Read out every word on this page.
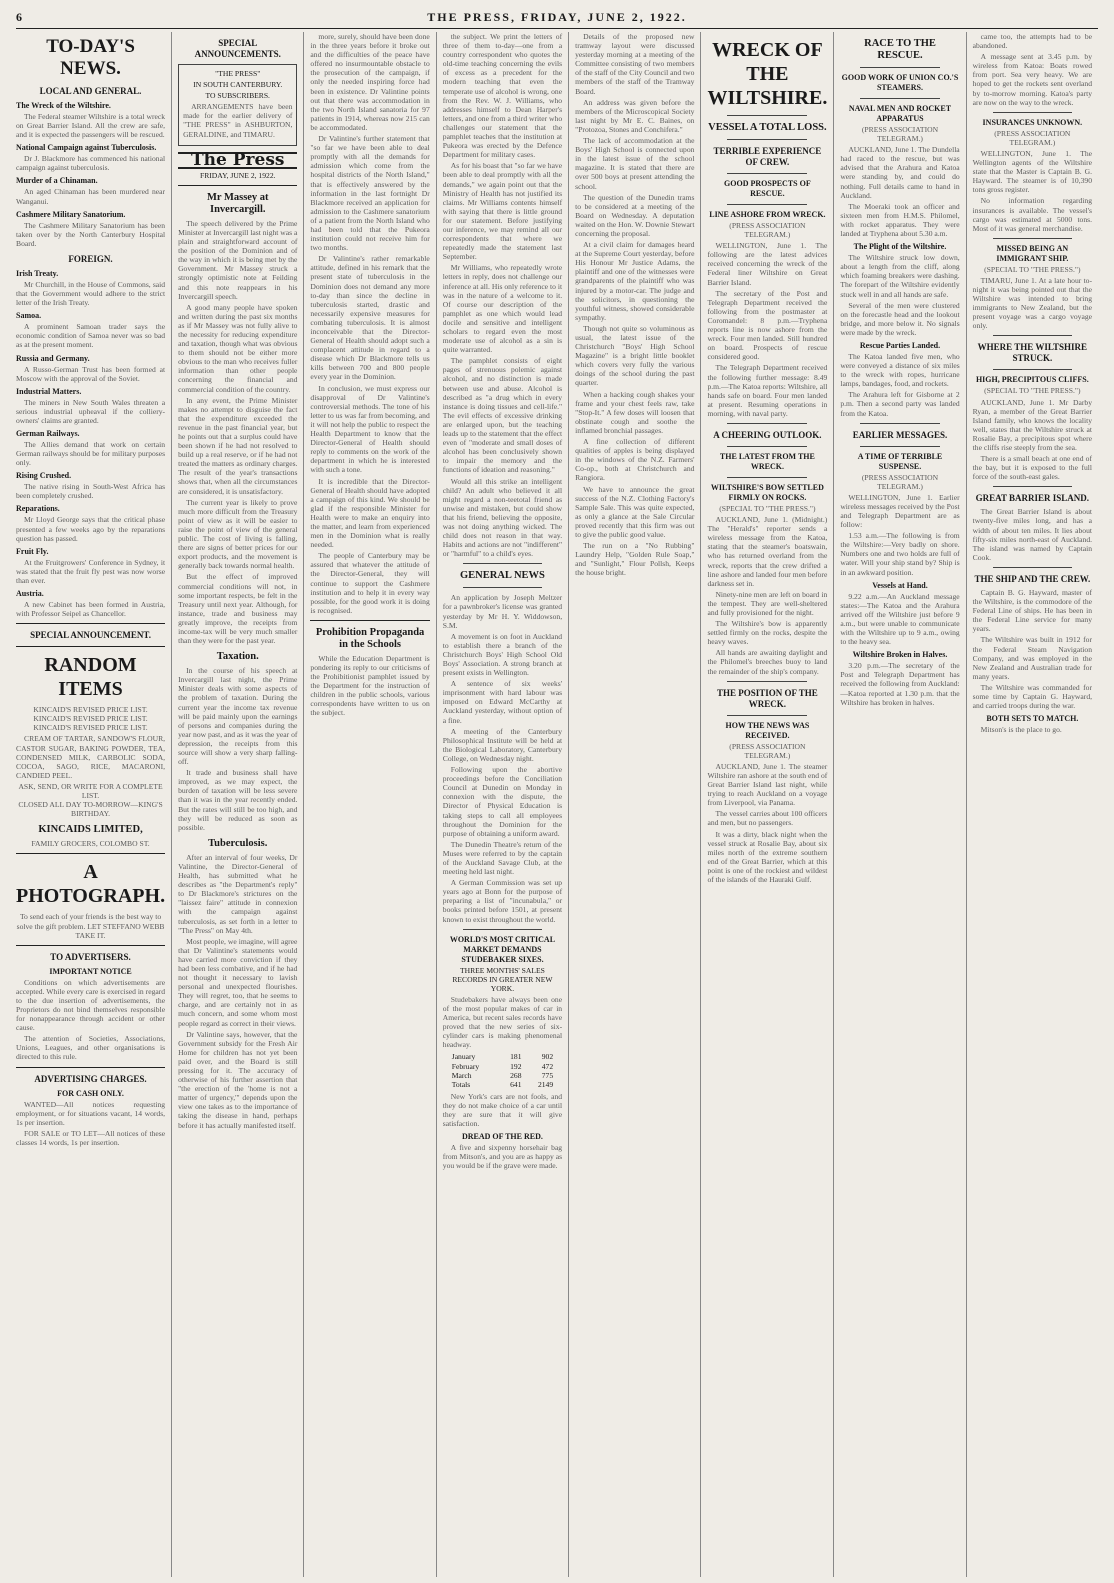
6	THE PRESS, FRIDAY, JUNE 2, 1922.
TO-DAY'S NEWS.
LOCAL AND GENERAL.
The Wreck of the Wiltshire.

The Federal steamer Wiltshire is a total wreck on Great Barrier Island. All the crew are safe, and it is expected the passengers will be rescued.

National Campaign against Tuberculosis.

Dr J. Blackmore has commenced his national campaign against tuberculosis.

Murder of a Chinaman.

An aged Chinaman has been murdered near Wanganui.

Cashmere Military Sanatorium.

The Cashmere Military Sanatorium has been taken over by the North Canterbury Hospital Board.

FOREIGN.
Irish Treaty.

Mr Churchill, in the House of Commons, said that the Government would adhere to the strict letter of the Irish Treaty.

Samoa.

A prominent Samoan trader says the economic condition of Samoa never was so bad as at the present moment.

Russia and Germany.

A Russo-German Trust has been formed at Moscow with the approval of the Soviet.

Industrial Matters.

The miners in New South Wales threaten a serious industrial upheaval if the colliery-owners' claims are granted.

German Railways.

The Allies demand that work on certain German railways should be for military purposes only.

Rising Crushed.

The native rising in South-West Africa has been completely crushed.

Reparations.

Mr Lloyd George says that the critical phase presented a few weeks ago by the reparations question has passed.

Fruit Fly.

At the Fruitgrowers' Conference in Sydney, it was stated that the fruit fly pest was now worse than ever.

Austria.

A new Cabinet has been formed in Austria, with Professor Seipel as Chancellor.

SPECIAL ANNOUNCEMENT.
RANDOM ITEMS

KINCAID'S REVISED PRICE LIST.
KINCAID'S REVISED PRICE LIST.
KINCAID'S REVISED PRICE LIST.

CREAM OF TARTAR, SANDOW'S FLOUR, CASTOR SUGAR, BAKING POWDER, TEA, CONDENSED MILK, CARBOLIC SODA, COCOA, SAGO, RICE, MACARONI, CANDIED PEEL.

ASK, SEND, OR WRITE FOR A COMPLETE LIST.
CLOSED ALL DAY TO-MORROW—KING'S BIRTHDAY.

KINCAIDS LIMITED,

FAMILY GROCERS, COLOMBO ST.

A PHOTOGRAPH.

To send each of your friends is the best way to solve the gift problem. LET STEFFANO WEBB TAKE IT.

TO ADVERTISERS.
IMPORTANT NOTICE

Conditions on which advertisements are accepted. While every care is exercised in regard to the due insertion of advertisements, the Proprietors do not bind themselves responsible for nonappearance through accident or other cause.

The attention of Societies, Associations, Unions, Leagues, and other organisations is directed to this rule.

ADVERTISING CHARGES.
FOR CASH ONLY.

WANTED—All notices requesting employment, or for situations vacant, 14 words, 1s per insertion.

FOR SALE or TO LET—All notices of these classes 14 words, 1s per insertion.

SPECIAL ANNOUNCEMENTS.

"THE PRESS"

IN SOUTH CANTERBURY.

TO SUBSCRIBERS.

ARRANGEMENTS have been made for the earlier delivery of "THE PRESS" in ASHBURTON, GERALDINE, and TIMARU.

The Press

FRIDAY, JUNE 2, 1922.

Mr Massey at Invercargill.

The speech delivered by the Prime Minister at Invercargill last night was a plain and straightforward account of the position of the Dominion and of the way in which it is being met by the Government. Mr Massey struck a strongly optimistic note at Feilding and this note reappears in his Invercargill speech.

A good many people have spoken and written during the past six months as if Mr Massey was not fully alive to the necessity for reducing expenditure and taxation, though what was obvious to them should not be either more obvious to the man who receives fuller information than other people concerning the financial and commercial condition of the country.

In any event, the Prime Minister makes no attempt to disguise the fact that the expenditure exceeded the revenue in the past financial year, but he points out that a surplus could have been shown if he had not resolved to build up a real reserve, or if he had not treated the matters as ordinary charges. The result of the year's transactions shows that, when all the circumstances are considered, it is unsatisfactory.

The current year is likely to prove much more difficult from the Treasury point of view as it will be easier to raise the point of view of the general public. The cost of living is falling, there are signs of better prices for our export products, and the movement is generally back towards normal health.

But the effect of improved commercial conditions will not, in some important respects, be felt in the Treasury until next year. Although, for instance, trade and business may greatly improve, the receipts from income-tax will be very much smaller than they were for the past year.

Taxation.

In the course of his speech at Invercargill last night, the Prime Minister deals with some aspects of the problem of taxation. During the current year the income tax revenue will be paid mainly upon the earnings of persons and companies during the year now past, and as it was the year of depression, the receipts from this source will show a very sharp falling-off.

It trade and business shall have improved, as we may expect, the burden of taxation will be less severe than it was in the year recently ended. But the rates will still be too high, and they will be reduced as soon as possible.

Tuberculosis.

After an interval of four weeks, Dr Valintine, the Director-General of Health, has submitted what he describes as "the Department's reply" to Dr Blackmore's strictures on the "laissez faire" attitude in connexion with the campaign against tuberculosis, as set forth in a letter to "The Press" on May 4th.

Most people, we imagine, will agree that Dr Valintine's statements would have carried more conviction if they had been less combative, and if he had not thought it necessary to lavish personal and unexpected flourishes. They will regret, too, that he seems to charge, and are certainly not in as much concern, and some whom most people regard as correct in their views.

Dr Valintine says, however, that the Government subsidy for the Fresh Air Home for children has not yet been paid over, and the Board is still pressing for it. The accuracy of otherwise of his further assertion that "the erection of the 'home is not a matter of urgency,'" depends upon the view one takes as to the importance of taking the disease in hand, perhaps before it has actually manifested itself.

more, surely, should have been done in the three years before it broke out and the difficulties of the peace have offered no insurmountable obstacle to the prosecution of the campaign, if only the needed inspiring force had been in existence. Dr Valintine points out that there was accommodation in the two North Island sanatoria for 97 patients in 1914, whereas now 215 can be accommodated.

Dr Valintine's further statement that "so far we have been able to deal promptly with all the demands for admission which come from the hospital districts of the North Island," that is effectively answered by the information in the last fortnight Dr Blackmore received an application for admission to the Cashmere sanatorium of a patient from the North Island who had been told that the Pukeora institution could not receive him for two months.

Dr Valintine's rather remarkable attitude, defined in his remark that the present state of tuberculosis in the Dominion does not demand any more to-day than since the decline in tuberculosis started, drastic and necessarily expensive measures for combating tuberculosis. It is almost inconceivable that the Director-General of Health should adopt such a complacent attitude in regard to a disease which Dr Blackmore tells us kills between 700 and 800 people every year in the Dominion.

In conclusion, we must express our disapproval of Dr Valintine's controversial methods. The tone of his letter to us was far from becoming, and it will not help the public to respect the Health Department to know that the Director-General of Health should reply to comments on the work of the department in which he is interested with such a tone.

It is incredible that the Director-General of Health should have adopted a campaign of this kind. We should be glad if the responsible Minister for Health were to make an enquiry into the matter, and learn from experienced men in the Dominion what is really needed.

The people of Canterbury may be assured that whatever the attitude of the Director-General, they will continue to support the Cashmere institution and to help it in every way possible, for the good work it is doing is recognised.

Prohibition Propaganda in the Schools

While the Education Department is pondering its reply to our criticisms of the Prohibitionist pamphlet issued by the Department for the instruction of children in the public schools, various correspondents have written to us on the subject.

the subject. We print the letters of three of them to-day—one from a country correspondent who quotes the old-time teaching concerning the evils of excess as a precedent for the modern teaching that even the temperate use of alcohol is wrong, one from the Rev. W. J. Williams, who addresses himself to Dean Harper's letters, and one from a third writer who challenges our statement that the pamphlet teaches that the institution at Pukeora was erected by the Defence Department for military cases.

As for his boast that "so far we have been able to deal promptly with all the demands," we again point out that the Ministry of Health has not justified its claims. Mr Williams contents himself with saying that there is little ground for our statement. Before justifying our inference, we may remind all our correspondents that where we repeatedly made the statement last September.

Mr Williams, who repeatedly wrote letters in reply, does not challenge our inference at all. His only reference to it was in the nature of a welcome to it. Of course our description of the pamphlet as one which would lead docile and sensitive and intelligent scholars to regard even the most moderate use of alcohol as a sin is quite warranted.

The pamphlet consists of eight pages of strenuous polemic against alcohol, and no distinction is made between use and abuse. Alcohol is described as "a drug which in every instance is doing tissues and cell-life." The evil effects of excessive drinking are enlarged upon, but the teaching leads up to the statement that the effect even of "moderate and small doses of alcohol has been conclusively shown to impair the memory and the functions of ideation and reasoning."

Would all this strike an intelligent child? An adult who believed it all might regard a non-teetotal friend as unwise and mistaken, but could show that his friend, believing the opposite, was not doing anything wicked. The child does not reason in that way. Habits and actions are not "indifferent" or "harmful" to a child's eyes.

GENERAL NEWS

An application by Joseph Meltzer for a pawnbroker's license was granted yesterday by Mr H. Y. Widdowson, S.M.

A movement is on foot in Auckland to establish there a branch of the Christchurch Boys' High School Old Boys' Association. A strong branch at present exists in Wellington.

A sentence of six weeks' imprisonment with hard labour was imposed on Edward McCarthy at Auckland yesterday, without option of a fine.

A meeting of the Canterbury Philosophical Institute will be held at the Biological Laboratory, Canterbury College, on Wednesday night.

Following upon the abortive proceedings before the Conciliation Council at Dunedin on Monday in connexion with the dispute, the Director of Physical Education is taking steps to call all employees throughout the Dominion for the purpose of obtaining a uniform award.

The Dunedin Theatre's return of the Muses were referred to by the captain of the Auckland Savage Club, at the meeting held last night.

A German Commission was set up years ago at Bonn for the purpose of preparing a list of "incunabula," or books printed before 1501, at present known to exist throughout the world.

WORLD'S MOST CRITICAL MARKET DEMANDS STUDEBAKER SIXES.

THREE MONTHS' SALES RECORDS IN GREATER NEW YORK.

Studebakers have always been one of the most popular makes of car in America, but recent sales records have proved that the new series of six-cylinder cars is making phenomenal headway.

January	181	902
February	192	472
March	268	775
Totals	641	2149

New York's cars are not fools, and they do not make choice of a car until they are sure that it will give satisfaction.

DREAD OF THE RED.

A five and sixpenny horsehair bag from Mitson's, and you are as happy as you would be if the grave were made.

Details of the proposed new tramway layout were discussed yesterday morning at a meeting of the Committee consisting of two members of the staff of the City Council and two members of the staff of the Tramway Board.

An address was given before the members of the Microscopical Society last night by Mr E. C. Baines, on "Protozoa, Stones and Conchifera."

The lack of accommodation at the Boys' High School is connected upon in the latest issue of the school magazine. It is stated that there are over 500 boys at present attending the school.

The question of the Dunedin trams to be considered at a meeting of the Board on Wednesday. A deputation waited on the Hon. W. Downie Stewart concerning the proposal.

At a civil claim for damages heard at the Supreme Court yesterday, before His Honour Mr Justice Adams, the plaintiff and one of the witnesses were grandparents of the plaintiff who was injured by a motor-car. The judge and the solicitors, in questioning the youthful witness, showed considerable sympathy.

Though not quite so voluminous as usual, the latest issue of the Christchurch "Boys' High School Magazine" is a bright little booklet which covers very fully the various doings of the school during the past quarter.

When a hacking cough shakes your frame and your chest feels raw, take "Stop-It." A few doses will loosen that obstinate cough and soothe the inflamed bronchial passages.

A fine collection of different qualities of apples is being displayed in the windows of the N.Z. Farmers' Co-op., both at Christchurch and Rangiora.

We have to announce the great success of the N.Z. Clothing Factory's Sample Sale. This was quite expected, as only a glance at the Sale Circular proved recently that this firm was out to give the public good value.

The run on a "No Rubbing" Laundry Help, "Golden Rule Soap," and "Sunlight," Flour Pollsh, Keeps the house bright.

WRECK OF THE WILTSHIRE.
VESSEL A TOTAL LOSS.
TERRIBLE EXPERIENCE OF CREW.
GOOD PROSPECTS OF RESCUE.
LINE ASHORE FROM WRECK.

(PRESS ASSOCIATION TELEGRAM.)

WELLINGTON, June 1. The following are the latest advices received concerning the wreck of the Federal liner Wiltshire on Great Barrier Island.

The secretary of the Post and Telegraph Department received the following from the postmaster at Coromandel: 8 p.m.—Tryphena reports line is now ashore from the wreck. Four men landed. Still hundred on board. Prospects of rescue considered good.

The Telegraph Department received the following further message: 8.49 p.m.—The Katoa reports: Wiltshire, all hands safe on board. Four men landed at present. Resuming operations in morning, with naval party.

A CHEERING OUTLOOK.
THE LATEST FROM THE WRECK.
WILTSHIRE'S BOW SETTLED FIRMLY ON ROCKS.

(SPECIAL TO "THE PRESS.")

AUCKLAND, June 1. (Midnight.) The "Herald's" reporter sends a wireless message from the Katoa, stating that the steamer's boatswain, who has returned overland from the wreck, reports that the crew drifted a line ashore and landed four men before darkness set in.

Ninety-nine men are left on board in the tempest. They are well-sheltered and fully provisioned for the night.

The Wiltshire's bow is apparently settled firmly on the rocks, despite the heavy waves.

All hands are awaiting daylight and the Philomel's breeches buoy to land the remainder of the ship's company.

THE POSITION OF THE WRECK.
HOW THE NEWS WAS RECEIVED.

(PRESS ASSOCIATION TELEGRAM.)

AUCKLAND, June 1. The steamer Wiltshire ran ashore at the south end of Great Barrier Island last night, while trying to reach Auckland on a voyage from Liverpool, via Panama.

The vessel carries about 100 officers and men, but no passengers.

It was a dirty, black night when the vessel struck at Rosalie Bay, about six miles north of the extreme southern end of the Great Barrier, which at this point is one of the rockiest and wildest of the islands of the Hauraki Gulf.

RACE TO THE RESCUE.
GOOD WORK OF UNION CO.'S STEAMERS.
NAVAL MEN AND ROCKET APPARATUS

(PRESS ASSOCIATION TELEGRAM.)

AUCKLAND, June 1. The Dundella had raced to the rescue, but was advised that the Arahura and Katoa were standing by, and could do nothing. Full details came to hand in Auckland.

The Moeraki took an officer and sixteen men from H.M.S. Philomel, with rocket apparatus. They were landed at Tryphena about 5.30 a.m.

The Plight of the Wiltshire.

The Wiltshire struck low down, about a length from the cliff, along which foaming breakers were dashing. The forepart of the Wiltshire evidently stuck well in and all hands are safe.

Several of the men were clustered on the forecastle head and the lookout bridge, and more below it. No signals were made by the wreck.

Rescue Parties Landed.

The Katoa landed five men, who were conveyed a distance of six miles to the wreck with ropes, hurricane lamps, bandages, food, and rockets.

The Arahura left for Gisborne at 2 p.m. Then a second party was landed from the Katoa.

EARLIER MESSAGES.
A TIME OF TERRIBLE SUSPENSE.

(PRESS ASSOCIATION TELEGRAM.)

WELLINGTON, June 1. Earlier wireless messages received by the Post and Telegraph Department are as follow:

1.53 a.m.—The following is from the Wiltshire:—Very badly on shore. Numbers one and two holds are full of water. Will your ship stand by? Ship is in an awkward position.

Vessels at Hand.

9.22 a.m.—An Auckland message states:—The Katoa and the Arahura arrived off the Wiltshire just before 9 a.m., but were unable to communicate with the Wiltshire up to 9 a.m., owing to the heavy sea.

Wiltshire Broken in Halves.

3.20 p.m.—The secretary of the Post and Telegraph Department has received the following from Auckland:—Katoa reported at 1.30 p.m. that the Wiltshire has broken in halves.

came too, the attempts had to be abandoned.

A message sent at 3.45 p.m. by wireless from Katoa: Boats rowed from port. Sea very heavy. We are hoped to get the rockets sent overland by to-morrow morning. Katoa's party are now on the way to the wreck.

INSURANCES UNKNOWN.

(PRESS ASSOCIATION TELEGRAM.)

WELLINGTON, June 1. The Wellington agents of the Wiltshire state that the Master is Captain B. G. Hayward. The steamer is of 10,390 tons gross register.

No information regarding insurances is available. The vessel's cargo was estimated at 5000 tons. Most of it was general merchandise.

MISSED BEING AN IMMIGRANT SHIP.

(SPECIAL TO "THE PRESS.")

TIMARU, June 1. At a late hour to-night it was being pointed out that the Wiltshire was intended to bring immigrants to New Zealand, but the present voyage was a cargo voyage only.

WHERE THE WILTSHIRE STRUCK.
HIGH, PRECIPITOUS CLIFFS.

(SPECIAL TO "THE PRESS.")

AUCKLAND, June 1. Mr Darby Ryan, a member of the Great Barrier Island family, who knows the locality well, states that the Wiltshire struck at Rosalie Bay, a precipitous spot where the cliffs rise steeply from the sea.

There is a small beach at one end of the bay, but it is exposed to the full force of the south-east gales.

GREAT BARRIER ISLAND.

The Great Barrier Island is about twenty-five miles long, and has a width of about ten miles. It lies about fifty-six miles north-east of Auckland. The island was named by Captain Cook.

THE SHIP AND THE CREW.

Captain B. G. Hayward, master of the Wiltshire, is the commodore of the Federal Line of ships. He has been in the Federal Line service for many years.

The Wiltshire was built in 1912 for the Federal Steam Navigation Company, and was employed in the New Zealand and Australian trade for many years.

The Wiltshire was commanded for some time by Captain G. Hayward, and carried troops during the war.

BOTH SETS TO MATCH.

Mitson's is the place to go.
